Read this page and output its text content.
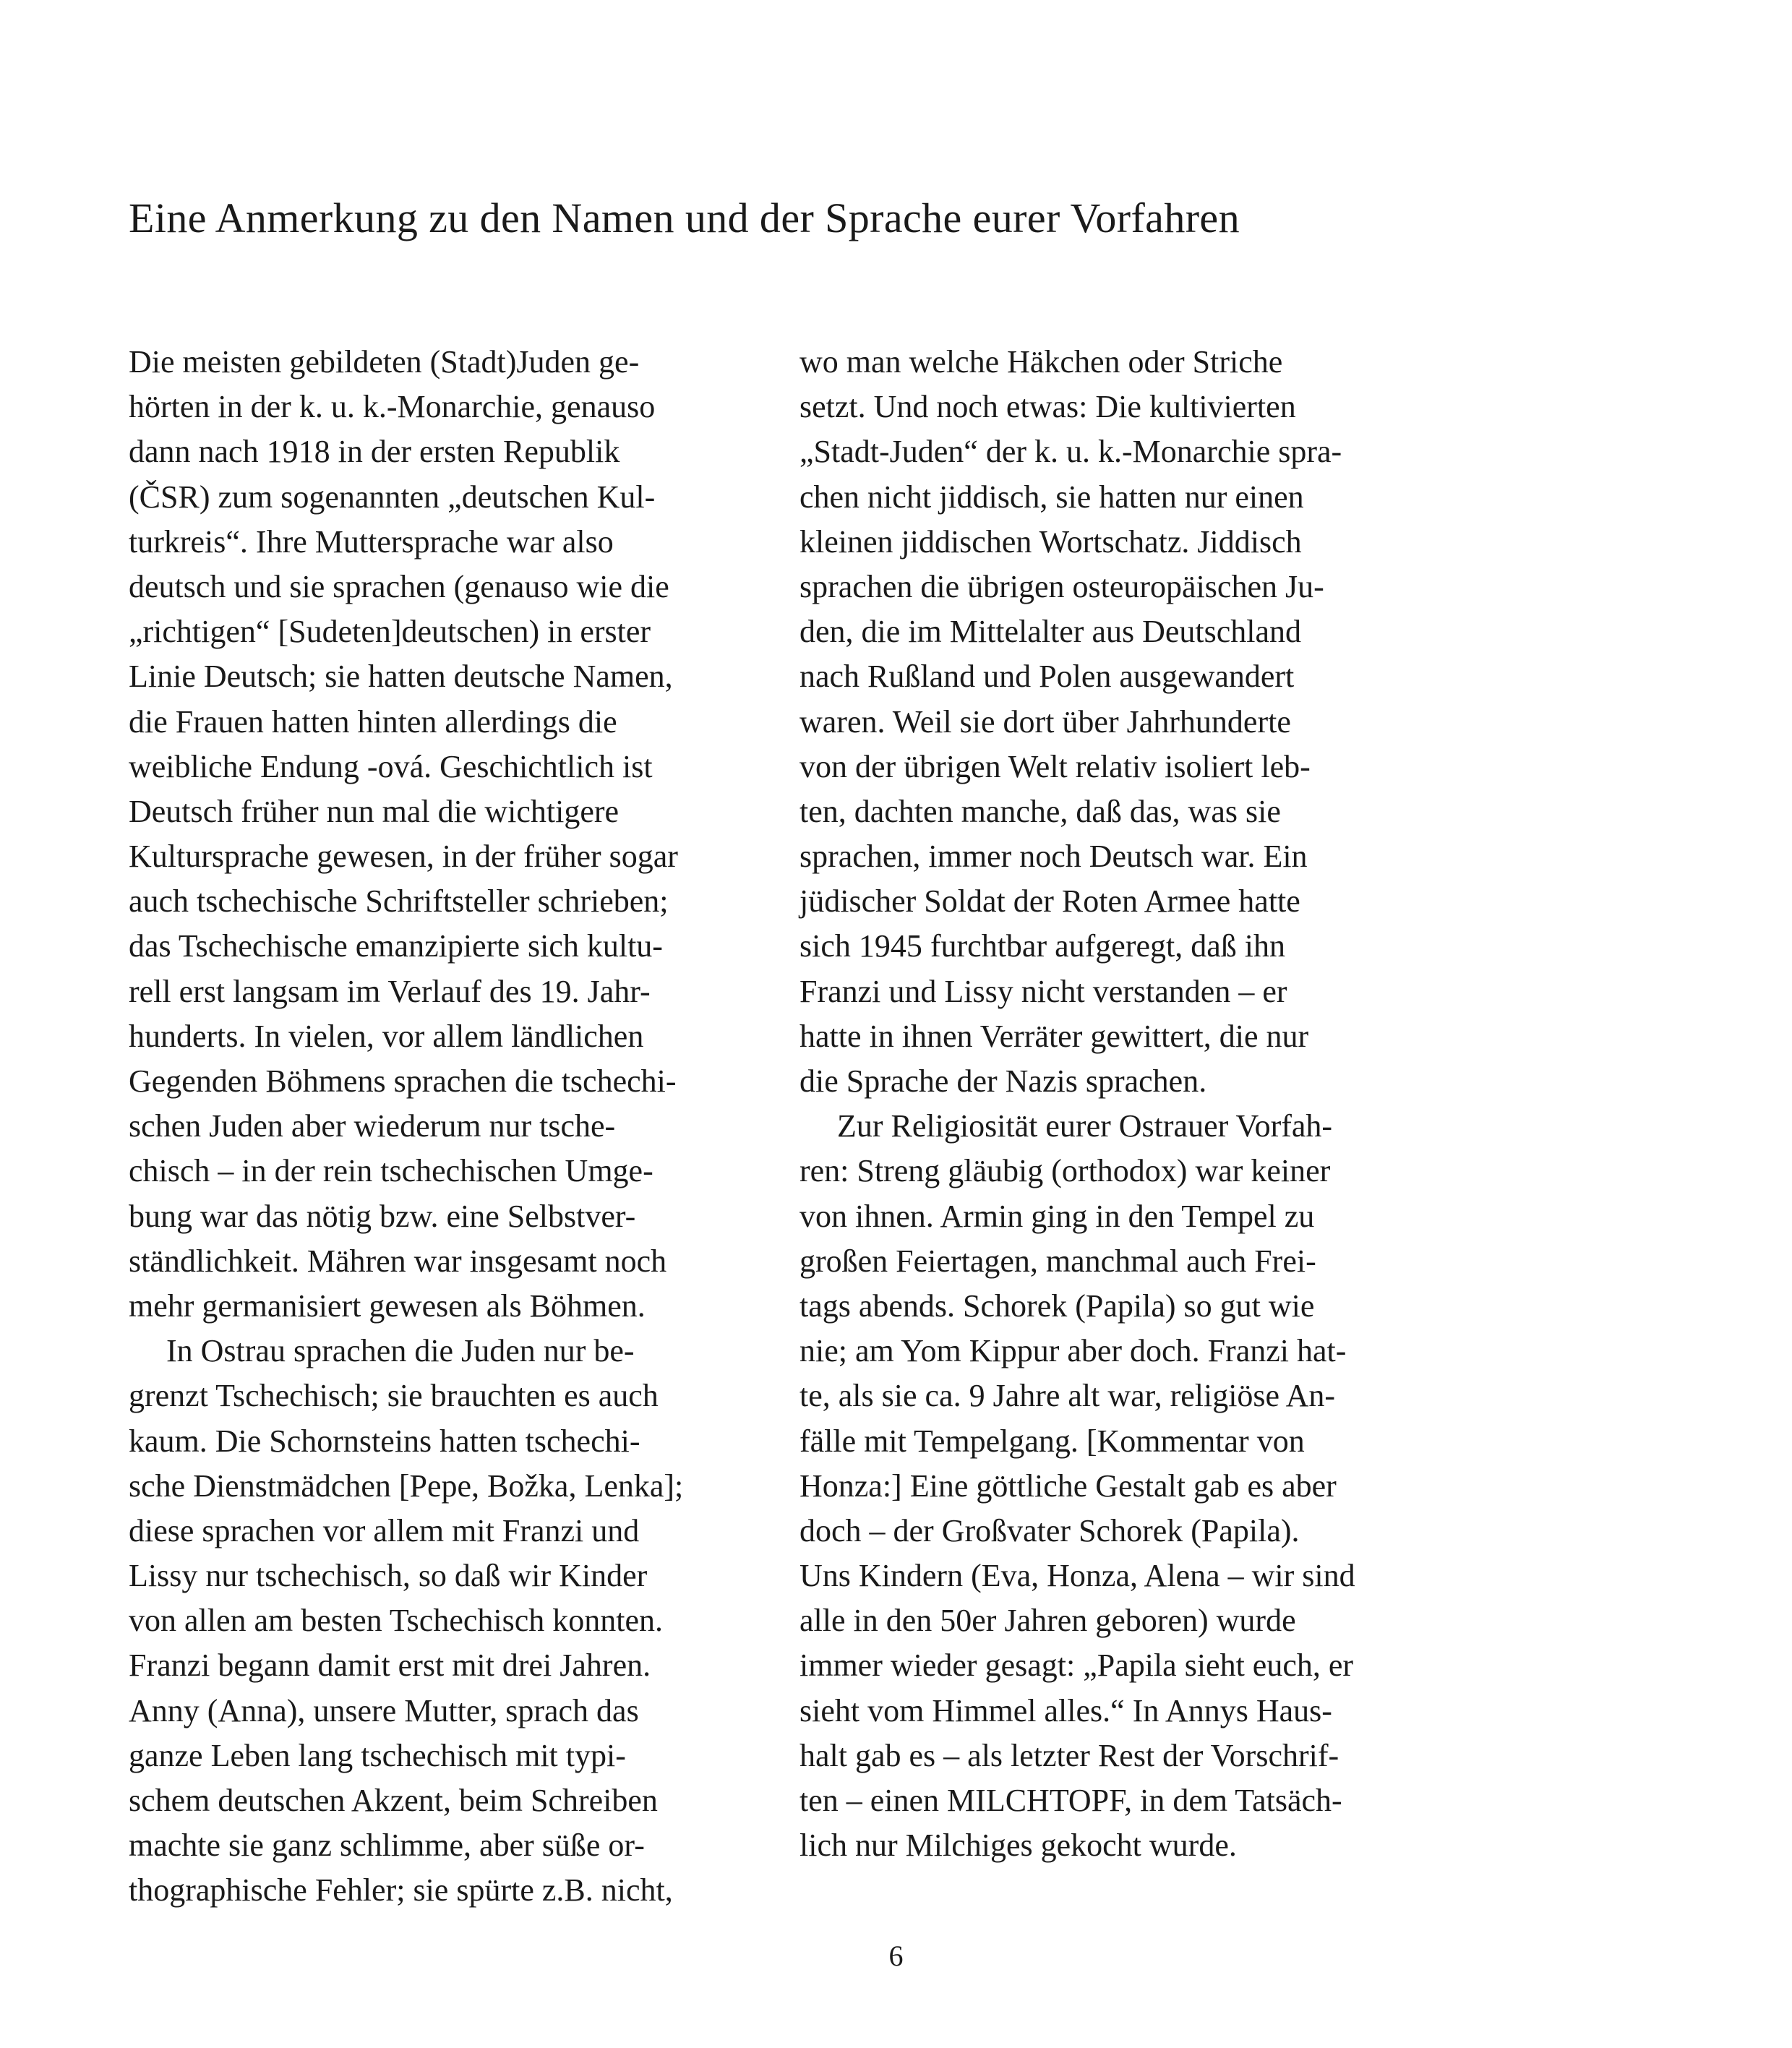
Eine Anmerkung zu den Namen und der Sprache eurer Vorfahren
Die meisten gebildeten (Stadt)Juden ge-
hörten in der k. u. k.-Monarchie, genauso
dann nach 1918 in der ersten Republik
(ČSR) zum sogenannten „deutschen Kul-
turkreis“. Ihre Muttersprache war also
deutsch und sie sprachen (genauso wie die
„richtigen“ [Sudeten]deutschen) in erster
Linie Deutsch; sie hatten deutsche Namen,
die Frauen hatten hinten allerdings die
weibliche Endung -ová. Geschichtlich ist
Deutsch früher nun mal die wichtigere
Kultursprache gewesen, in der früher sogar
auch tschechische Schriftsteller schrieben;
das Tschechische emanzipierte sich kultu-
rell erst langsam im Verlauf des 19. Jahr-
hunderts. In vielen, vor allem ländlichen
Gegenden Böhmens sprachen die tschechi-
schen Juden aber wiederum nur tsche-
chisch – in der rein tschechischen Umge-
bung war das nötig bzw. eine Selbstver-
ständlichkeit. Mähren war insgesamt noch
mehr germanisiert gewesen als Böhmen.
In Ostrau sprachen die Juden nur be-
grenzt Tschechisch; sie brauchten es auch
kaum. Die Schornsteins hatten tschechi-
sche Dienstmädchen [Pepe, Božka, Lenka];
diese sprachen vor allem mit Franzi und
Lissy nur tschechisch, so daß wir Kinder
von allen am besten Tschechisch konnten.
Franzi begann damit erst mit drei Jahren.
Anny (Anna), unsere Mutter, sprach das
ganze Leben lang tschechisch mit typi-
schem deutschen Akzent, beim Schreiben
machte sie ganz schlimme, aber süße or-
thographische Fehler; sie spürte z.B. nicht,
wo man welche Häkchen oder Striche
setzt. Und noch etwas: Die kultivierten
„Stadt-Juden“ der k. u. k.-Monarchie spra-
chen nicht jiddisch, sie hatten nur einen
kleinen jiddischen Wortschatz. Jiddisch
sprachen die übrigen osteuropäischen Ju-
den, die im Mittelalter aus Deutschland
nach Rußland und Polen ausgewandert
waren. Weil sie dort über Jahrhunderte
von der übrigen Welt relativ isoliert leb-
ten, dachten manche, daß das, was sie
sprachen, immer noch Deutsch war. Ein
jüdischer Soldat der Roten Armee hatte
sich 1945 furchtbar aufgeregt, daß ihn
Franzi und Lissy nicht verstanden – er
hatte in ihnen Verräter gewittert, die nur
die Sprache der Nazis sprachen.
Zur Religiosität eurer Ostrauer Vorfah-
ren: Streng gläubig (orthodox) war keiner
von ihnen. Armin ging in den Tempel zu
großen Feiertagen, manchmal auch Frei-
tags abends. Schorek (Papila) so gut wie
nie; am Yom Kippur aber doch. Franzi hat-
te, als sie ca. 9 Jahre alt war, religiöse An-
fälle mit Tempelgang. [Kommentar von
Honza:] Eine göttliche Gestalt gab es aber
doch – der Großvater Schorek (Papila).
Uns Kindern (Eva, Honza, Alena – wir sind
alle in den 50er Jahren geboren) wurde
immer wieder gesagt: „Papila sieht euch, er
sieht vom Himmel alles.“ In Annys Haus-
halt gab es – als letzter Rest der Vorschrif-
ten – einen MILCHTOPF, in dem Tatsäch-
lich nur Milchiges gekocht wurde.
6
